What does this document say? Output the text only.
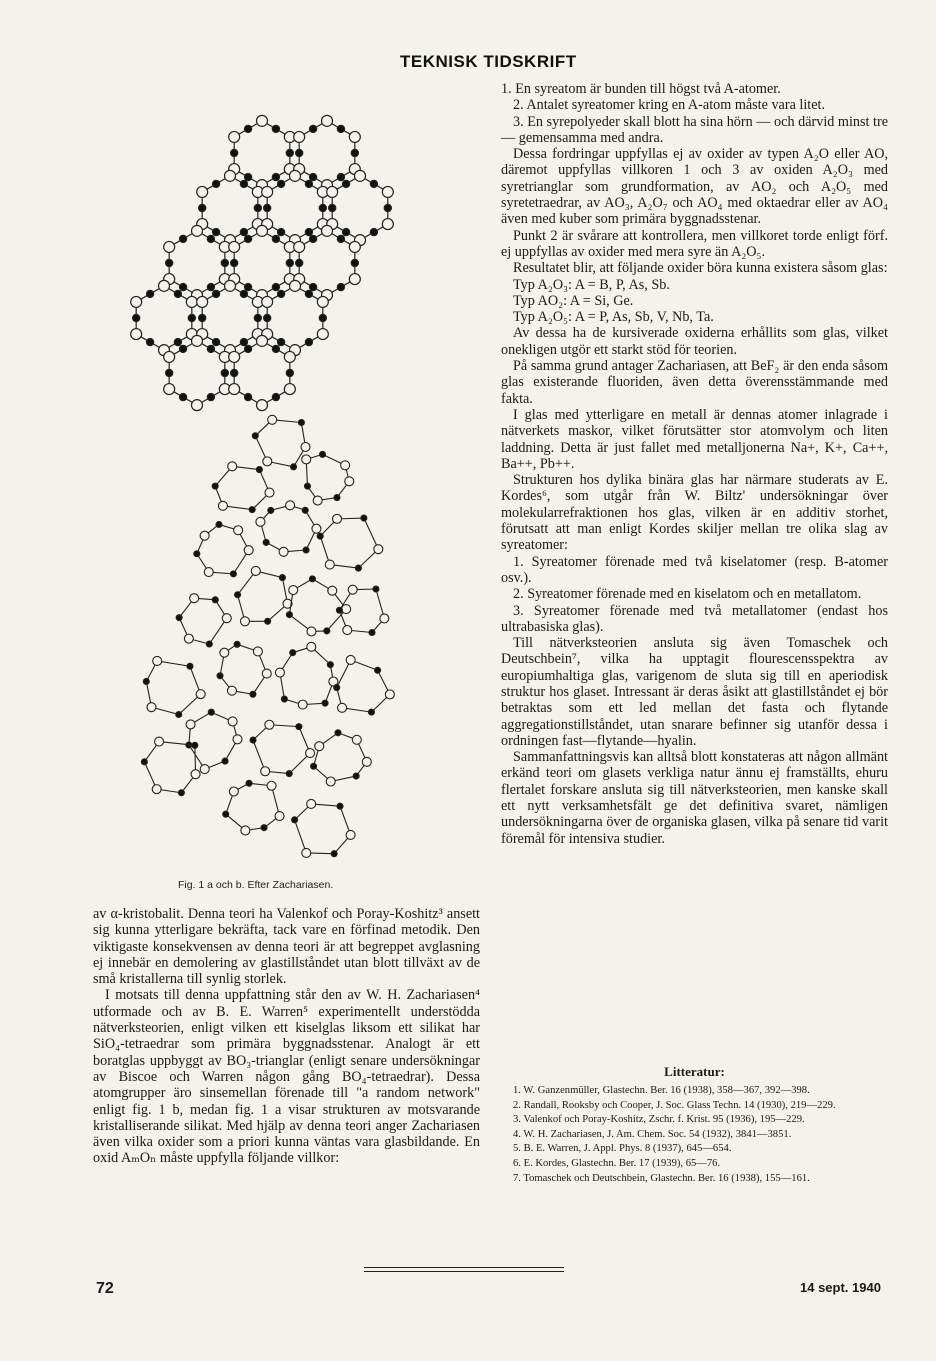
TEKNISK TIDSKRIFT
Fig. 1 a och b. Efter Zachariasen.

1. En syreatom är bunden till högst två A-atomer.

2. Antalet syreatomer kring en A-atom måste vara litet.

3. En syrepolyeder skall blott ha sina hörn — och därvid minst tre — gemensamma med andra.

Dessa fordringar uppfyllas ej av oxider av typen A₂O eller AO, däremot uppfyllas villkoren 1 och 3 av oxiden A₂O₃ med syretrianglar som grundformation, av AO₂ och A₂O₅ med syretetraedrar, av AO₃, A₂O₇ och AO₄ med oktaedrar eller av AO₄ även med kuber som primära byggnadsstenar.

Punkt 2 är svårare att kontrollera, men villkoret torde enligt förf. ej uppfyllas av oxider med mera syre än A₂O₅.

Resultatet blir, att följande oxider böra kunna existera såsom glas:

Typ A₂O₃: A = B, P, As, Sb.

Typ AO₂: A = Si, Ge.

Typ A₂O₅: A = P, As, Sb, V, Nb, Ta.

Av dessa ha de kursiverade oxiderna erhållits som glas, vilket onekligen utgör ett starkt stöd för teorien.

På samma grund antager Zachariasen, att BeF₂ är den enda såsom glas existerande fluoriden, även detta överensstämmande med fakta.

I glas med ytterligare en metall är dennas atomer inlagrade i nätverkets maskor, vilket förutsätter stor atomvolym och liten laddning. Detta är just fallet med metalljonerna Na+, K+, Ca++, Ba++, Pb++.

Strukturen hos dylika binära glas har närmare studerats av E. Kordes⁶, som utgår från W. Biltz' undersökningar över molekularrefraktionen hos glas, vilken är en additiv storhet, förutsatt att man enligt Kordes skiljer mellan tre olika slag av syreatomer:

1. Syreatomer förenade med två kiselatomer (resp. B-atomer osv.).

2. Syreatomer förenade med en kiselatom och en metallatom.

3. Syreatomer förenade med två metallatomer (endast hos ultrabasiska glas).

Till nätverksteorien ansluta sig även Tomaschek och Deutschbein⁷, vilka ha upptagit flourescensspektra av europiumhaltiga glas, varigenom de sluta sig till en aperiodisk struktur hos glaset. Intressant är deras åsikt att glastillståndet ej bör betraktas som ett led mellan det fasta och flytande aggregationstillståndet, utan snarare befinner sig utanför dessa i ordningen fast—flytande—hyalin.

Sammanfattningsvis kan alltså blott konstateras att någon allmänt erkänd teori om glasets verkliga natur ännu ej framställts, ehuru flertalet forskare ansluta sig till nätverksteorien, men kanske skall ett nytt verksamhetsfält ge det definitiva svaret, nämligen undersökningarna över de organiska glasen, vilka på senare tid varit föremål för intensiva studier.

Litteratur:
1. W. Ganzenmüller, Glastechn. Ber. 16 (1938), 358—367, 392—398.
2. Randall, Rooksby och Cooper, J. Soc. Glass Techn. 14 (1930), 219—229.
3. Valenkof och Poray-Koshitz, Zschr. f. Krist. 95 (1936), 195—229.
4. W. H. Zachariasen, J. Am. Chem. Soc. 54 (1932), 3841—3851.
5. B. E. Warren, J. Appl. Phys. 8 (1937), 645—654.
6. E. Kordes, Glastechn. Ber. 17 (1939), 65—76.
7. Tomaschek och Deutschbein, Glastechn. Ber. 16 (1938), 155—161.

av α-kristobalit. Denna teori ha Valenkof och Poray-Koshitz³ ansett sig kunna ytterligare bekräfta, tack vare en förfinad metodik. Den viktigaste konsekvensen av denna teori är att begreppet avglasning ej innebär en demolering av glastillståndet utan blott tillväxt av de små kristallerna till synlig storlek.

I motsats till denna uppfattning står den av W. H. Zachariasen⁴ utformade och av B. E. Warren⁵ experimentellt understödda nätverksteorien, enligt vilken ett kiselglas liksom ett silikat har SiO₄-tetraedrar som primära byggnadsstenar. Analogt är ett boratglas uppbyggt av BO₃-trianglar (enligt senare undersökningar av Biscoe och Warren någon gång BO₄-tetraedrar). Dessa atomgrupper äro sinsemellan förenade till "a random network" enligt fig. 1 b, medan fig. 1 a visar strukturen av motsvarande kristalliserande silikat. Med hjälp av denna teori anger Zachariasen även vilka oxider som a priori kunna väntas vara glasbildande. En oxid AₘOₙ måste uppfylla följande villkor:

72	14 sept. 1940
